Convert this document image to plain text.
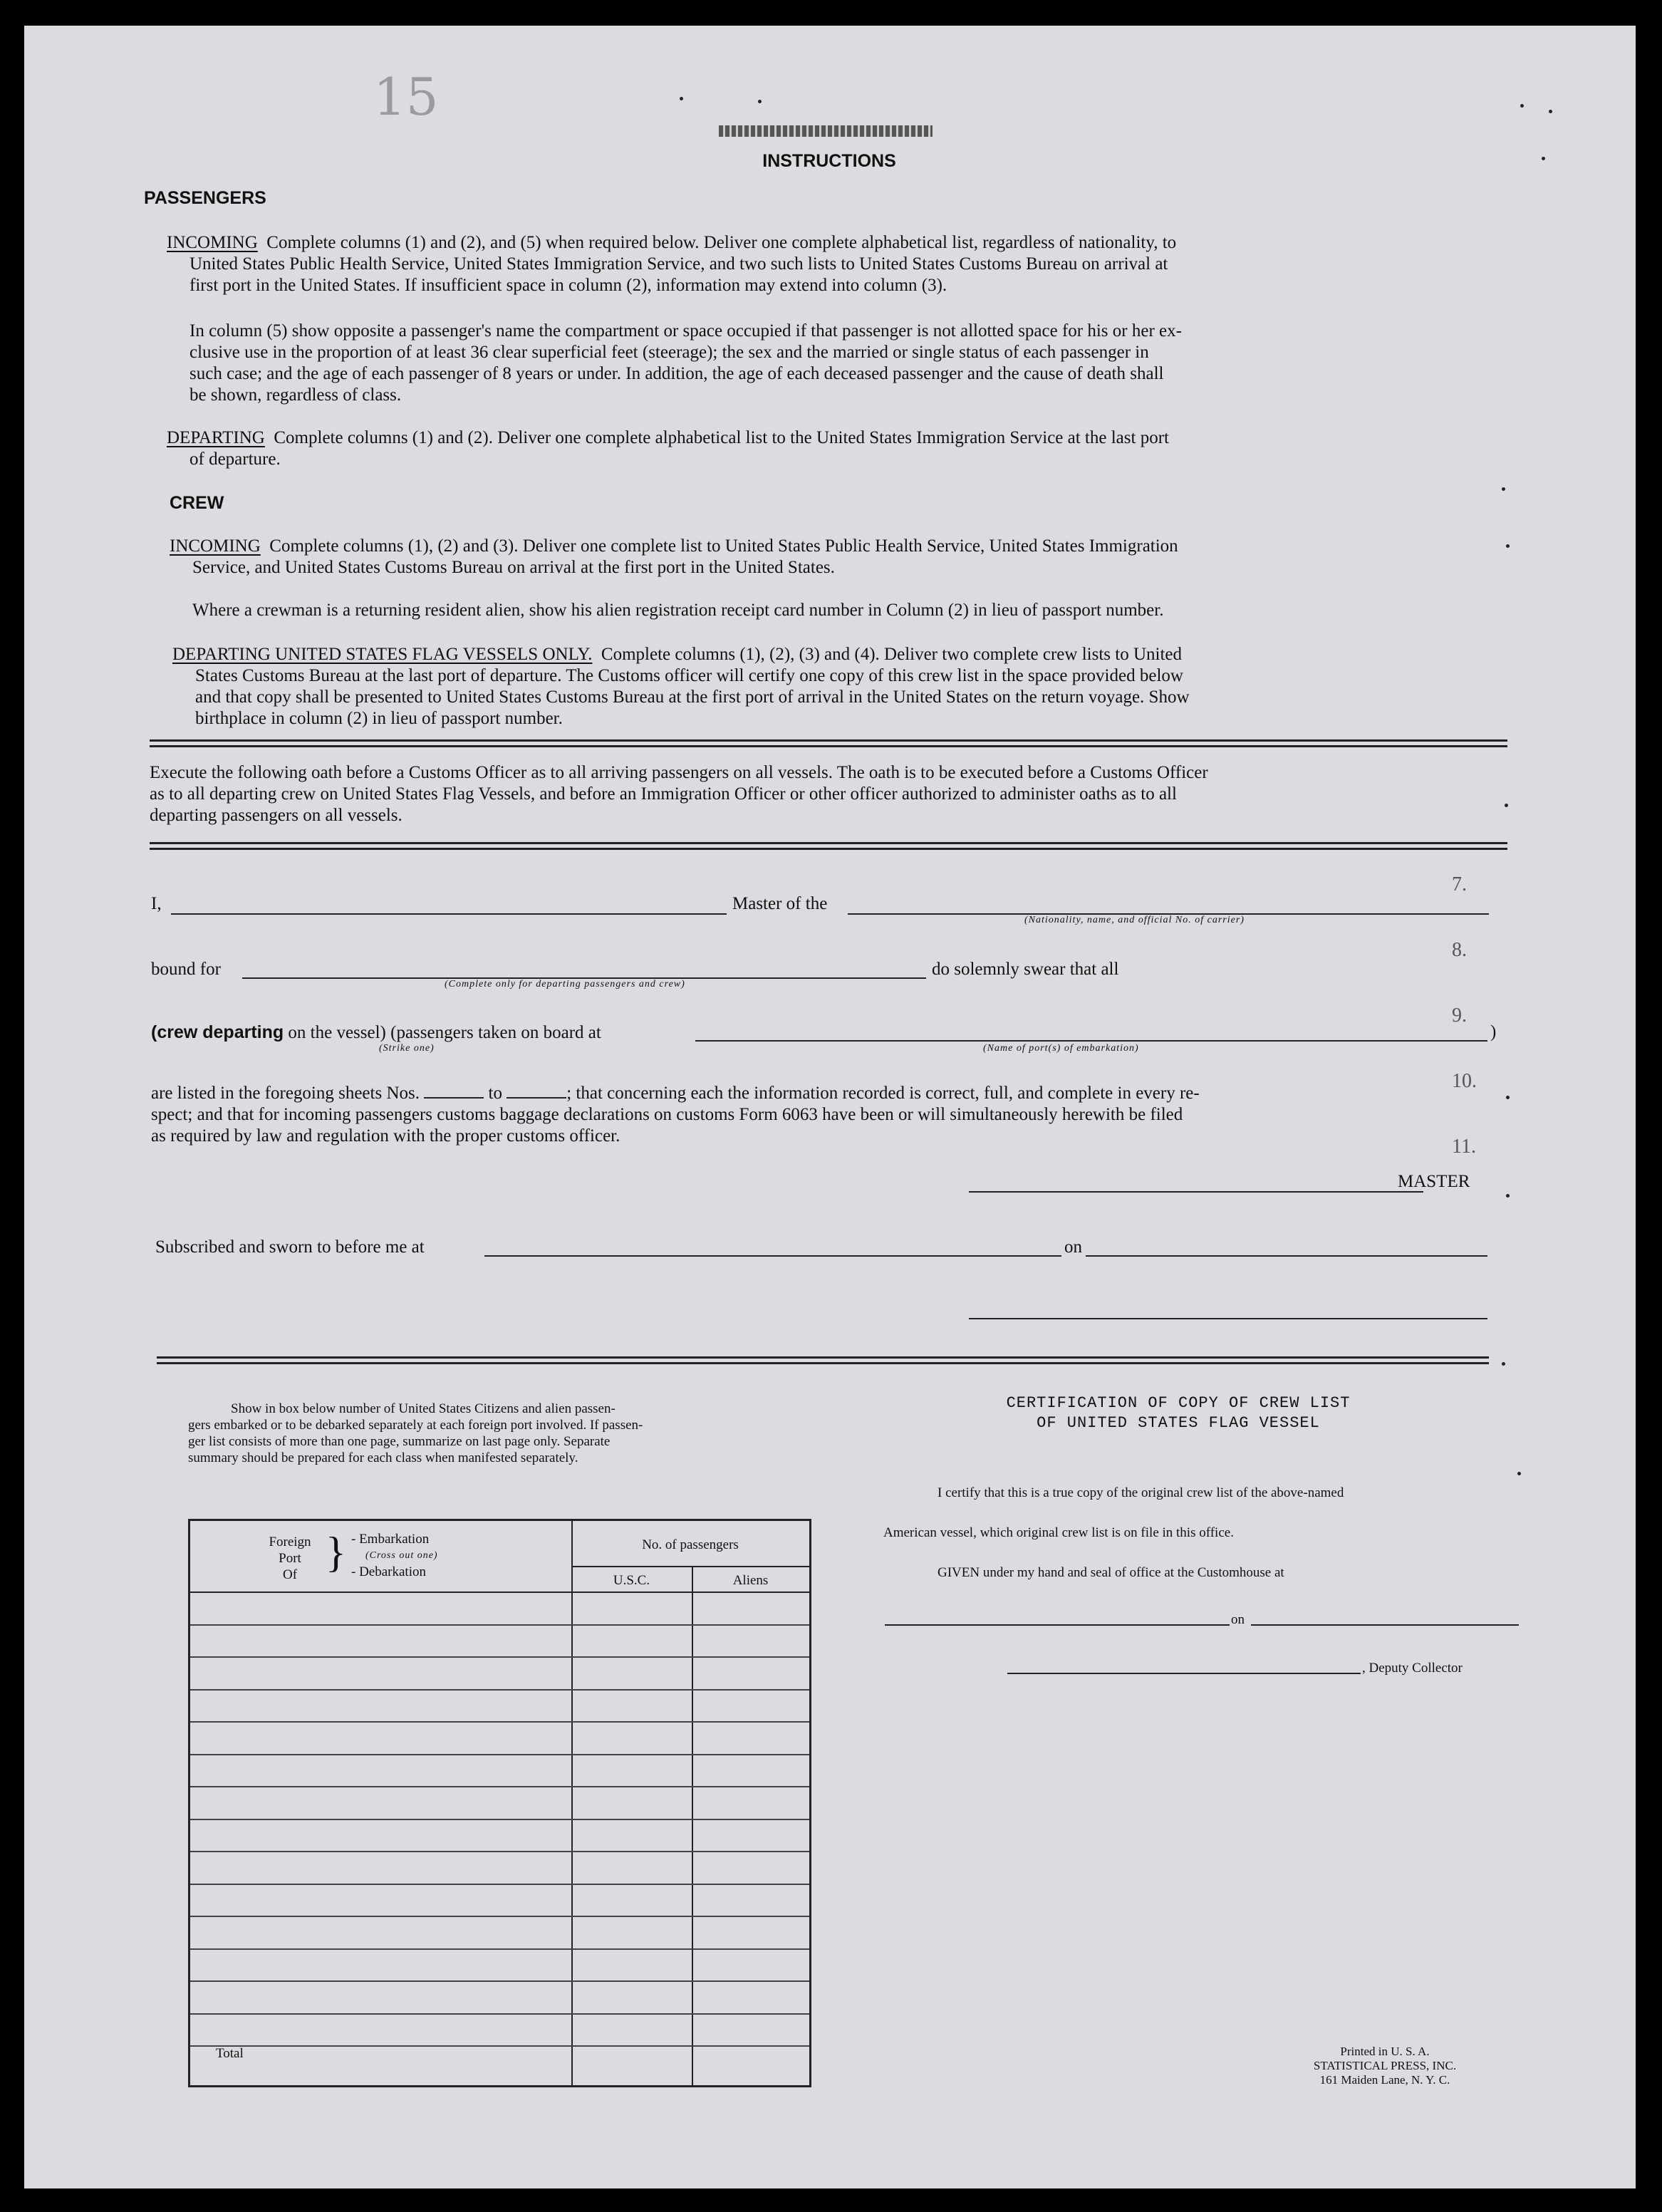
15
INSTRUCTIONS
PASSENGERS
INCOMING Complete columns (1) and (2), and (5) when required below. Deliver one complete alphabetical list, regardless of nationality, to
United States Public Health Service, United States Immigration Service, and two such lists to United States Customs Bureau on arrival at
first port in the United States. If insufficient space in column (2), information may extend into column (3).
In column (5) show opposite a passenger's name the compartment or space occupied if that passenger is not allotted space for his or her ex-
clusive use in the proportion of at least 36 clear superficial feet (steerage); the sex and the married or single status of each passenger in
such case; and the age of each passenger of 8 years or under. In addition, the age of each deceased passenger and the cause of death shall
be shown, regardless of class.
DEPARTING Complete columns (1) and (2). Deliver one complete alphabetical list to the United States Immigration Service at the last port
of departure.
CREW
INCOMING Complete columns (1), (2) and (3). Deliver one complete list to United States Public Health Service, United States Immigration
Service, and United States Customs Bureau on arrival at the first port in the United States.
Where a crewman is a returning resident alien, show his alien registration receipt card number in Column (2) in lieu of passport number.
DEPARTING UNITED STATES FLAG VESSELS ONLY. Complete columns (1), (2), (3) and (4). Deliver two complete crew lists to United
States Customs Bureau at the last port of departure. The Customs officer will certify one copy of this crew list in the space provided below
and that copy shall be presented to United States Customs Bureau at the first port of arrival in the United States on the return voyage. Show
birthplace in column (2) in lieu of passport number.
Execute the following oath before a Customs Officer as to all arriving passengers on all vessels. The oath is to be executed before a Customs Officer
as to all departing crew on United States Flag Vessels, and before an Immigration Officer or other officer authorized to administer oaths as to all
departing passengers on all vessels.
I,	Master of the
(Nationality, name, and official No. of carrier)
bound for
(Complete only for departing passengers and crew)
do solemnly swear that all
(crew departing on the vessel) (passengers taken on board at
(Strike one)
)
(Name of port(s) of embarkation)
are listed in the foregoing sheets Nos.	to	; that concerning each the information recorded is correct, full, and complete in every re-
spect; and that for incoming passengers customs baggage declarations on customs Form 6063 have been or will simultaneously herewith be filed
as required by law and regulation with the proper customs officer.
MASTER
Subscribed and sworn to before me at	on
Show in box below number of United States Citizens and alien passen-
gers embarked or to be debarked separately at each foreign port involved. If passen-
ger list consists of more than one page, summarize on last page only. Separate
summary should be prepared for each class when manifested separately.
Foreign
Port
Of } - Embarkation
(Cross out one)
- Debarkation
No. of passengers
U.S.C.	Aliens
Total
CERTIFICATION OF COPY OF CREW LIST
OF UNITED STATES FLAG VESSEL
I certify that this is a true copy of the original crew list of the above-named
American vessel, which original crew list is on file in this office.
GIVEN under my hand and seal of office at the Customhouse at
on
, Deputy Collector
Printed in U. S. A.
STATISTICAL PRESS, INC.
161 Maiden Lane, N. Y. C.
7.
8.
9.
10.
11.
